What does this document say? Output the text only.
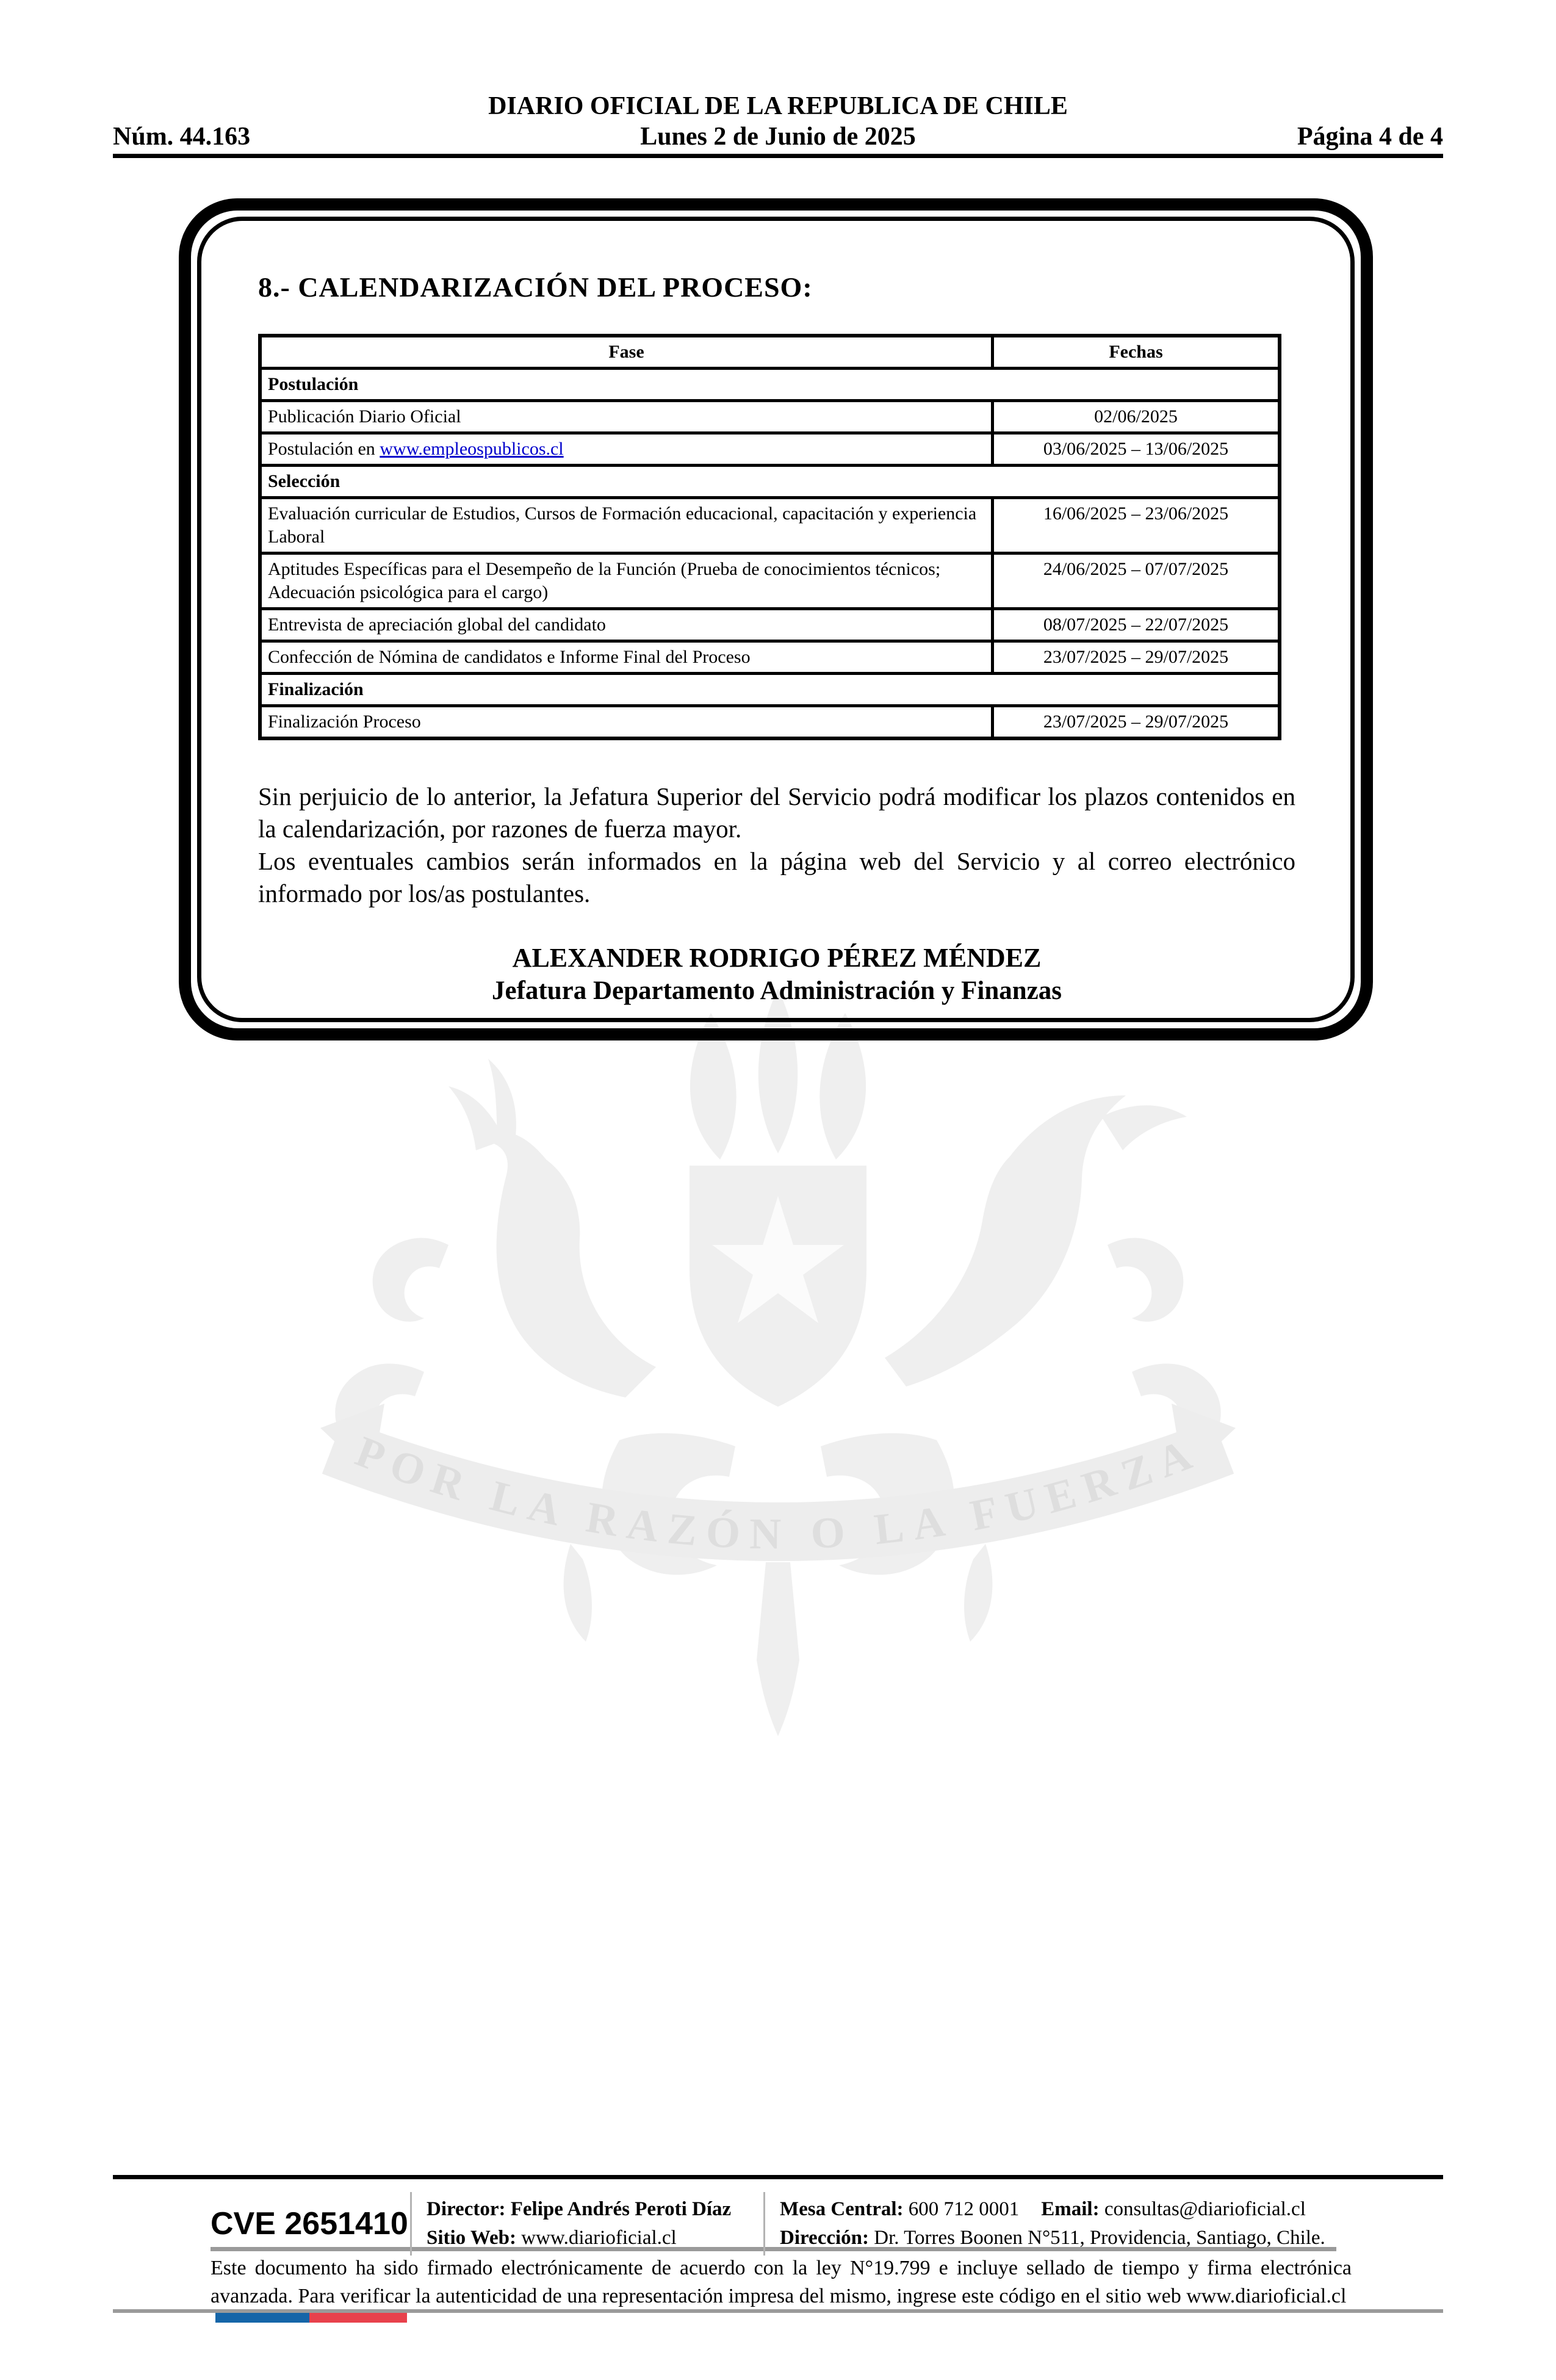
DIARIO OFICIAL DE LA REPUBLICA DE CHILE
Núm. 44.163	Lunes 2 de Junio de 2025	Página 4 de 4
POR LA RAZÓN O LA FUERZA
8.- CALENDARIZACIÓN DEL PROCESO:
Fase	Fechas
Postulación	
Publicación Diario Oficial	02/06/2025
Postulación en www.empleospublicos.cl	03/06/2025 – 13/06/2025
Selección	
Evaluación curricular de Estudios, Cursos de Formación educacional, capacitación y experiencia Laboral	16/06/2025 – 23/06/2025
Aptitudes Específicas para el Desempeño de la Función (Prueba de conocimientos técnicos; Adecuación psicológica para el cargo)	24/06/2025 – 07/07/2025
Entrevista de apreciación global del candidato	08/07/2025 – 22/07/2025
Confección de Nómina de candidatos e Informe Final del Proceso	23/07/2025 – 29/07/2025
Finalización	
Finalización Proceso	23/07/2025 – 29/07/2025

Sin perjuicio de lo anterior, la Jefatura Superior del Servicio podrá modificar los plazos contenidos en la calendarización, por razones de fuerza mayor.

Los eventuales cambios serán informados en la página web del Servicio y al correo electrónico informado por los/as postulantes.

ALEXANDER RODRIGO PÉREZ MÉNDEZ
Jefatura Departamento Administración y Finanzas
CVE 2651410 Director: Felipe Andrés Peroti Díaz
Sitio Web: www.diarioficial.cl
Mesa Central: 600 712 0001 Email: consultas@diarioficial.cl
Dirección: Dr. Torres Boonen N°511, Providencia, Santiago, Chile.
Este documento ha sido firmado electrónicamente de acuerdo con la ley N°19.799 e incluye sellado de tiempo y firma electrónica avanzada. Para verificar la autenticidad de una representación impresa del mismo, ingrese este código en el sitio web www.diarioficial.cl
